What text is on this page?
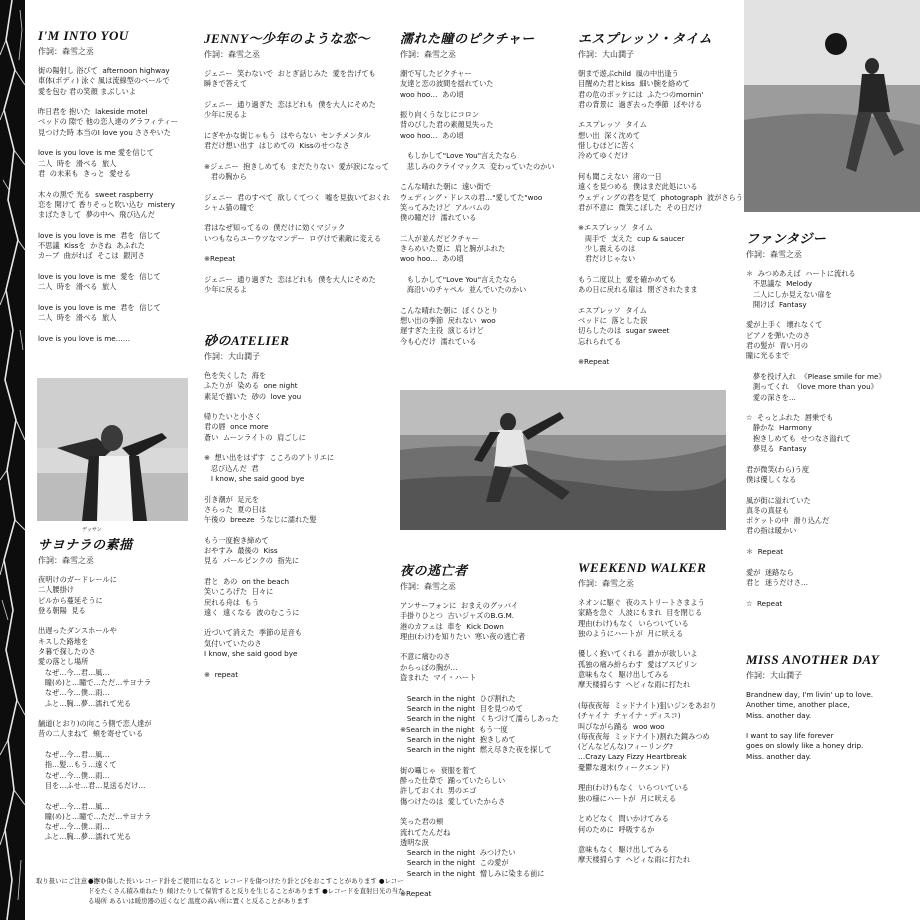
I'M INTO YOU
作詞：森雪之丞
街の陽射し 浴びて  afternoon highway
車体(ボディ) 泳ぐ 風は流線型のベールで
愛を包む 君の笑顔 まぶしいよ

昨日君を 抱いた  lakeside motel
ベッドの 隙で 他の恋人達のグラフィティー
見つけた時 本当のI love you ささやいた

love is you love is me 愛を信じて
二人  時を  滑べる  旅人
君  の未来も  きっと  愛せる

木々の黒で 光る  sweet raspberry
恋を 開けて 香りそっと吹い込む  mistery
まばたきして  夢の中へ  飛び込んだ

love is you love is me  君を  信じて
不思議  Kissを  かさね  あふれた
カーブ  曲がれば  そこは  銀河さ

love is you love is me  愛を  信じて
二人  時を  滑べる  旅人

love is you love is me  君を  信じて
二人  時を  滑べる  旅人

love is you love is me……
デッサン
サヨナラの素描
作詞：森雪之丞
夜明けのガードレールに
二人腰掛け
ビルから蔓延そうに
登る朝陽  見る

出遅ったダンスホールや
キスした路地を
タ暮で探したのさ
愛の落とし場所
なぜ…今…君…風…
瞳(め)と…瞳で…ただ…サヨナラ
なぜ…今…僕…雨…
ふと…胸…夢…濡れて光る

舗道(とおり)の向こう側で恋人達が
昔の二人まねて  頬を寄せている

なぜ…今…君…風…
指…髪…もう…遠くて
なぜ…今…僕…雨…
目を…ふせ…君…見送るだけ…

なぜ…今…君…風…
瞳(め)と…瞳で…ただ…サヨナラ
なぜ…今…僕…雨…
ふと…胸…夢…濡れて光る
JENNY～少年のような恋～
作詞：森雪之丞
ジェニー  笑わないで  おとぎ話じみた  愛を告げても
瞬きで答えて

ジェニー  通り過ぎた  恋はどれも  僕を大人にそめた
少年に戻るよ

にぎやかな街じゃもう  はやらない  センチメンタル
君だけ想い出す  はじめての  Kissのせつなさ

※ジェニー  抱きしめても  まだたりない  愛が涙になって
君の胸から

ジェニー  君のすべて  欲しくてつく  嘘を見抜いておくれ
シャム猫の瞳で

君はなぜ知ってるの  僕だけに効くマジック
いつもならユーウツなマンデー  ロヴけで素敵に変える

※Repeat

ジェニー  通り過ぎた  恋はどれも  僕を大人にそめた
少年に戻るよ
砂のATELIER
作詞：大山潤子
色を失くした  海を
ふたりが  染める  one night
素足で描いた  砂の  love you

帰りたいと小さく
君の唇  once more
蒼い  ムーンライトの  肩ごしに

※  想い出をはずす  こころのアトリエに
忍び込んだ  君
I know, she said good bye

引き潮が  足元を
さらった  夏の日は
午後の  breeze  うなじに濡れた髪

もう一度抱き締めて
おやすみ  最後の  Kiss
見る  パールピンクの  指先に

君と  あの  on the beach
笑いころげた  日々に
戻れる舟は  もう
遠く  遠くなる  波のむこうに

近づいて消えた  季節の足音も
気付いていたのさ
I know, she said good bye

※  repeat
濡れた瞳のピクチャー
作詞：森雪之丞
潮で写したピクチャー
友達と恋の波間を揺れていた
woo hoo…  あの頃

振り向くうなじにコロン
背のびした君の素顔見失った
woo hoo…  あの頃

もしかして"Love You"言えたなら
悲しみのクライマックス  変わっていたのかい

こんな晴れた朝に  遠い街で
ウェディング・ドレスの君…"愛してた"woo
笑ってみたけど  アルバムの
僕の瞳だけ  濡れている

二人が並んだピクチャー
きらめいた夏に  肩と腕がふれた
woo hoo…  あの頃

もしかして"Love You"言えたなら
海沿いのチャペル  並んでいたのかい

こんな晴れた朝に  ぼくひとり
想い出の季節  戻れない  woo
遅すぎた主役  演じるけど
今も心だけ  濡れている
夜の逃亡者
作詞：森雪之丞
アンサーフォンに  おまえのグッバイ
手掛りひとつ  古いジャズのB.G.M.
港のカフェは  車を  Kick Down
理由(わけ)を知りたい  寒い夜の逃亡者

不意に痛むのさ
からっぽの胸が…
盗まれた  マイ・ハート

Search in the night  ひび割れた
Search in the night  目を見つめて
Search in the night  くちづけて濡らしあった
※Search in the night  もう一度
Search in the night  抱きしめて
Search in the night  燃え尽きた夜を探して

街の囁じゃ  衰服を着て
酔った仕草で  踊っていたらしい
許しておくれ  男のエゴ
傷つけたのは  愛していたからさ

笑った君の頬
流れてたんだね
透明な涙
Search in the night  みつけたい
Search in the night  この愛が
Search in the night  憎しみに染まる前に

※Repeat
エスプレッソ・タイム
作詞：大山潤子
朝まで遊ぶchild  風の中出逢う
目醒めた君とkiss  細い腕を絡めて
君の危のポッケには  ふたつのmornin'
君の背景に  過ぎ去った季節  ぼやける

エスプレッソ  タイム
想い出  深く沈めて
惜しむほどに苦く
冷めてゆくだけ

何も聞こえない  渚の一日
遠くを見つめる  僕はまだ此処にいる
ウェディングの君を見て  photograph  波がさらう
君が不意に  微笑こぼした  その日だけ

※エスプレッソ  タイム
両手で  支えた  cup & saucer
少し震えるのは
君だけじゃない

もう二度以上  愛を確かめても
あの日に戻れる扉は  閉ざされたまま

エスプレッソ  タイム
ベッドに  落とした涙
切らしたのは  sugar sweet
忘れられてる

※Repeat
WEEKEND WALKER
作詞：森雪之丞
ネオンに駆ぐ  夜のストリートさまよう
家路を急ぐ  人波にもまれ  目を閉じる
理由(わけ)もなく  いらついている
独のようにハートが  月に吠える

優しく抱いてくれる  誰かが欲しいよ
孤独の痛み紛らわす  愛はアスピリン
意味もなく  駆け出してみる
摩天楼掃らす  ヘビィな雨に打たれ

(毎夜夜毎  ミッドナイト)狙いジンをあおり
(チャイナ  チャイナ・ディスコ)
叫びながら踊る  woo woo
(毎夜夜毎  ミッドナイト)割れた鏡みつめ
(どんなどんな)フィーリング?
…Crazy Lazy Fizzy Heartbreak
憂鬱な週末(ウィークエンド)

理由(わけ)もなく  いらついている
独の様にハートが  月に吠える

とめどなく  問いかけてみる
何のために  呼吸するか

意味もなく  駆け出してみる
摩天楼掃らす  ヘビィな雨に打たれ
ファンタジー
作詞：森雪之丞
＊  みつめあえば  ハートに流れる
不思議な  Melody
二人にしか見えない扉を
開けば  Fantasy

愛が上手く  壊れなくて
ピアノを弾いたのさ
君の髪が  青い月の
瞳に光るまで

夢を投げ入れ  《Please smile for me》
測ってくれ  《love more than you》
愛の深さを…

☆  そっとふれた  唇乗でも
静かな  Harmony
抱きしめても  せつなさ溢れて
夢見る  Fantasy

君が微笑(わら)う度
僕は優しくなる

風が街に溢れていた
真冬の真昼も
ポケットの中  滑り込んだ
君の指は暖かい

＊  Repeat

愛が  迷路なら
君と  迷うだけさ…

☆  Repeat
MISS ANOTHER DAY
作詞：大山潤子
Brandnew day, I'm livin' up to love.
Another time, another place,
Miss. another day.

I want to say life forever
goes on slowly like a honey drip.
Miss. another day.
取り扱いにご注意下さい
●擦り傷した長いレコード針をご使用になると レコードを傷つけたり針とびをおこすことがあります ●レコードをたくさん積み重ねたり 傾けたりして保管すると反りを生じることがあります ●レコードを直射日光の当たる場所 あるいは暖房器の近くなど 温度の高い所に置くと反ることがあります
